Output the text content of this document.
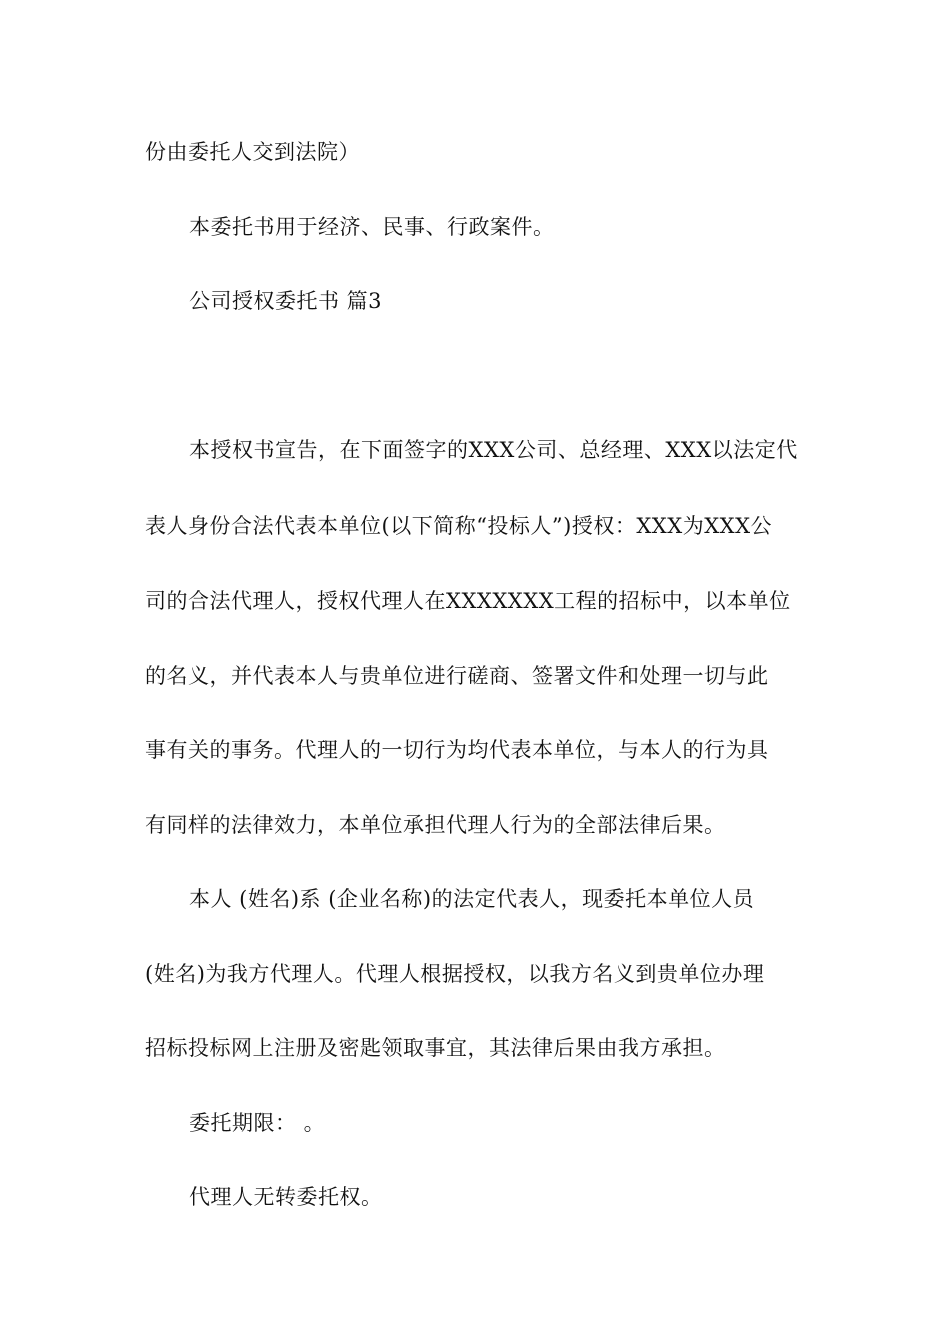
份由委托人交到法院）
本委托书用于经济、民事、行政案件。
公司授权委托书 篇3
本授权书宣告，在下面签字的XXX公司、总经理、XXX以法定代
表人身份合法代表本单位(以下简称“投标人”)授权：XXX为XXX公
司的合法代理人，授权代理人在XXXXXXX工程的招标中，以本单位
的名义，并代表本人与贵单位进行磋商、签署文件和处理一切与此
事有关的事务。代理人的一切行为均代表本单位，与本人的行为具
有同样的法律效力，本单位承担代理人行为的全部法律后果。
本人 (姓名)系 (企业名称)的法定代表人，现委托本单位人员
(姓名)为我方代理人。代理人根据授权，以我方名义到贵单位办理
招标投标网上注册及密匙领取事宜，其法律后果由我方承担。
委托期限： 。
代理人无转委托权。
